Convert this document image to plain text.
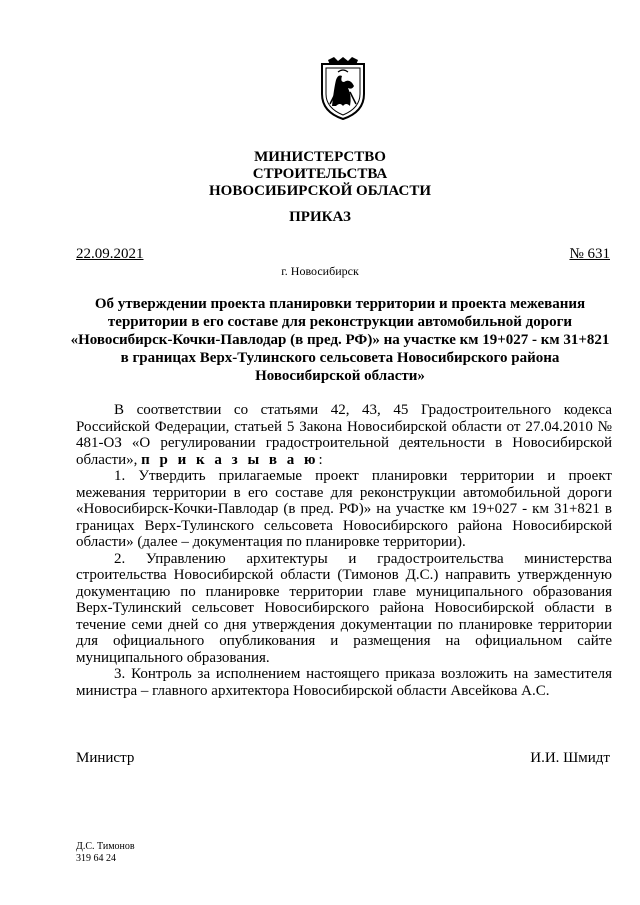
МИНИСТЕРСТВО
СТРОИТЕЛЬСТВА
НОВОСИБИРСКОЙ ОБЛАСТИ
ПРИКАЗ
22.09.2021	№ 631
г. Новосибирск
Об утверждении проекта планировки территории и проекта межевания территории в его составе для реконструкции автомобильной дороги «Новосибирск-Кочки-Павлодар (в пред. РФ)» на участке км 19+027 - км 31+821 в границах Верх-Тулинского сельсовета Новосибирского района Новосибирской области»

В соответствии со статьями 42, 43, 45 Градостроительного кодекса Российской Федерации, статьей 5 Закона Новосибирской области от 27.04.2010 № 481-ОЗ «О регулировании градостроительной деятельности в Новосибирской области», п р и к а з ы в а ю:

1. Утвердить прилагаемые проект планировки территории и проект межевания территории в его составе для реконструкции автомобильной дороги «Новосибирск-Кочки-Павлодар (в пред. РФ)» на участке км 19+027 - км 31+821 в границах Верх-Тулинского сельсовета Новосибирского района Новосибирской области» (далее – документация по планировке территории).

2. Управлению архитектуры и градостроительства министерства строительства Новосибирской области (Тимонов Д.С.) направить утвержденную документацию по планировке территории главе муниципального образования Верх-Тулинский сельсовет Новосибирского района Новосибирской области в течение семи дней со дня утверждения документации по планировке территории для официального опубликования и размещения на официальном сайте муниципального образования.

3. Контроль за исполнением настоящего приказа возложить на заместителя министра – главного архитектора Новосибирской области Авсейкова А.С.

Министр	И.И. Шмидт
Д.С. Тимонов
319 64 24
